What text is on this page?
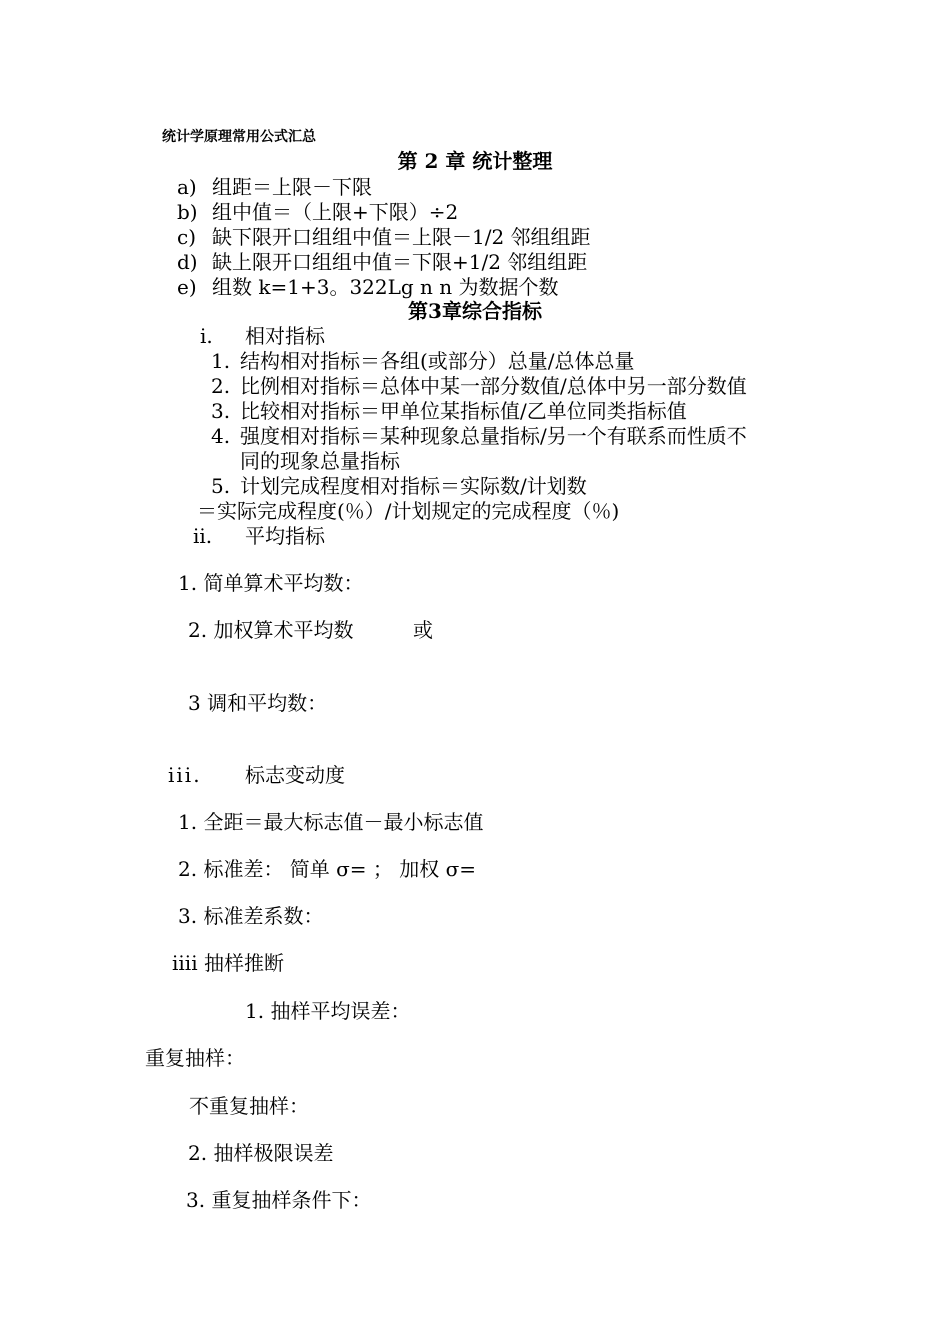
统计学原理常用公式汇总
第 2 章 统计整理
a) 组距＝上限－下限
b) 组中值＝（上限+下限）÷2
c) 缺下限开口组组中值＝上限－1/2 邻组组距
d) 缺上限开口组组中值＝下限+1/2 邻组组距
e) 组数 k=1+3。322Lg n n 为数据个数
第3章综合指标
i. 相对指标
1. 结构相对指标＝各组(或部分）总量/总体总量
2. 比例相对指标＝总体中某一部分数值/总体中另一部分数值
3. 比较相对指标＝甲单位某指标值/乙单位同类指标值
4. 强度相对指标＝某种现象总量指标/另一个有联系而性质不
同的现象总量指标
5. 计划完成程度相对指标＝实际数/计划数
＝实际完成程度(％）/计划规定的完成程度（％)
ii. 平均指标
1. 简单算术平均数：
2. 加权算术平均数	或
3 调和平均数：
iii. 标志变动度
1. 全距＝最大标志值－最小标志值
2. 标准差： 简单 σ= ； 加权 σ=
3. 标准差系数：
iiii 抽样推断
1. 抽样平均误差：
重复抽样：
不重复抽样：
2. 抽样极限误差
3. 重复抽样条件下：
